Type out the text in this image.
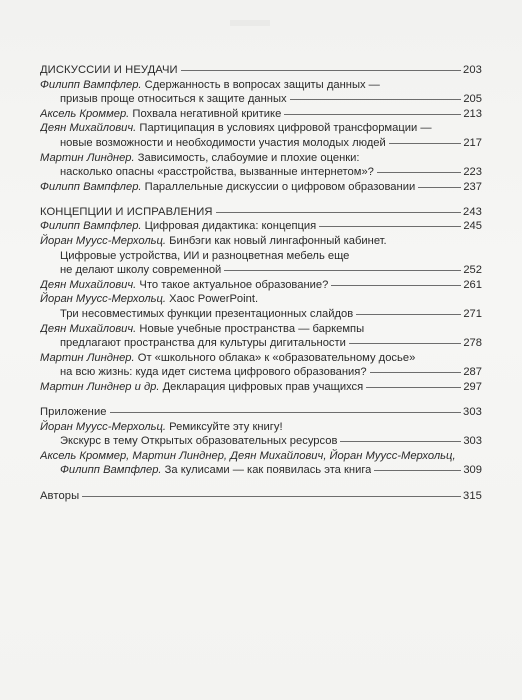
ДИСКУССИИ И НЕУДАЧИ	203
Филипп Вампфлер. Сдержанность в вопросах защиты данных —
призыв проще относиться к защите данных	205
Аксель Кроммер. Похвала негативной критике	213
Деян Михайлович. Партиципация в условиях цифровой трансформации —
новые возможности и необходимости участия молодых людей	217
Мартин Линднер. Зависимость, слабоумие и плохие оценки:
насколько опасны «расстройства, вызванные интернетом»?	223
Филипп Вампфлер. Параллельные дискуссии о цифровом образовании	237
КОНЦЕПЦИИ И ИСПРАВЛЕНИЯ	243
Филипп Вампфлер. Цифровая дидактика: концепция	245
Йоран Муусс-Мерхольц. Бинбэги как новый лингафонный кабинет.
Цифровые устройства, ИИ и разноцветная мебель еще
не делают школу современной	252
Деян Михайлович. Что такое актуальное образование?	261
Йоран Муусс-Мерхольц. Хаос PowerPoint.
Три несовместимых функции презентационных слайдов	271
Деян Михайлович. Новые учебные пространства — баркемпы
предлагают пространства для культуры дигитальности	278
Мартин Линднер. От «школьного облака» к «образовательному досье»
на всю жизнь: куда идет система цифрового образования?	287
Мартин Линднер и др. Декларация цифровых прав учащихся	297
Приложение	303
Йоран Муусс-Мерхольц. Ремиксуйте эту книгу!
Экскурс в тему Открытых образовательных ресурсов	303
Аксель Кроммер, Мартин Линднер, Деян Михайлович, Йоран Муусс-Мерхольц,
Филипп Вампфлер. За кулисами — как появилась эта книга	309
Авторы	315
